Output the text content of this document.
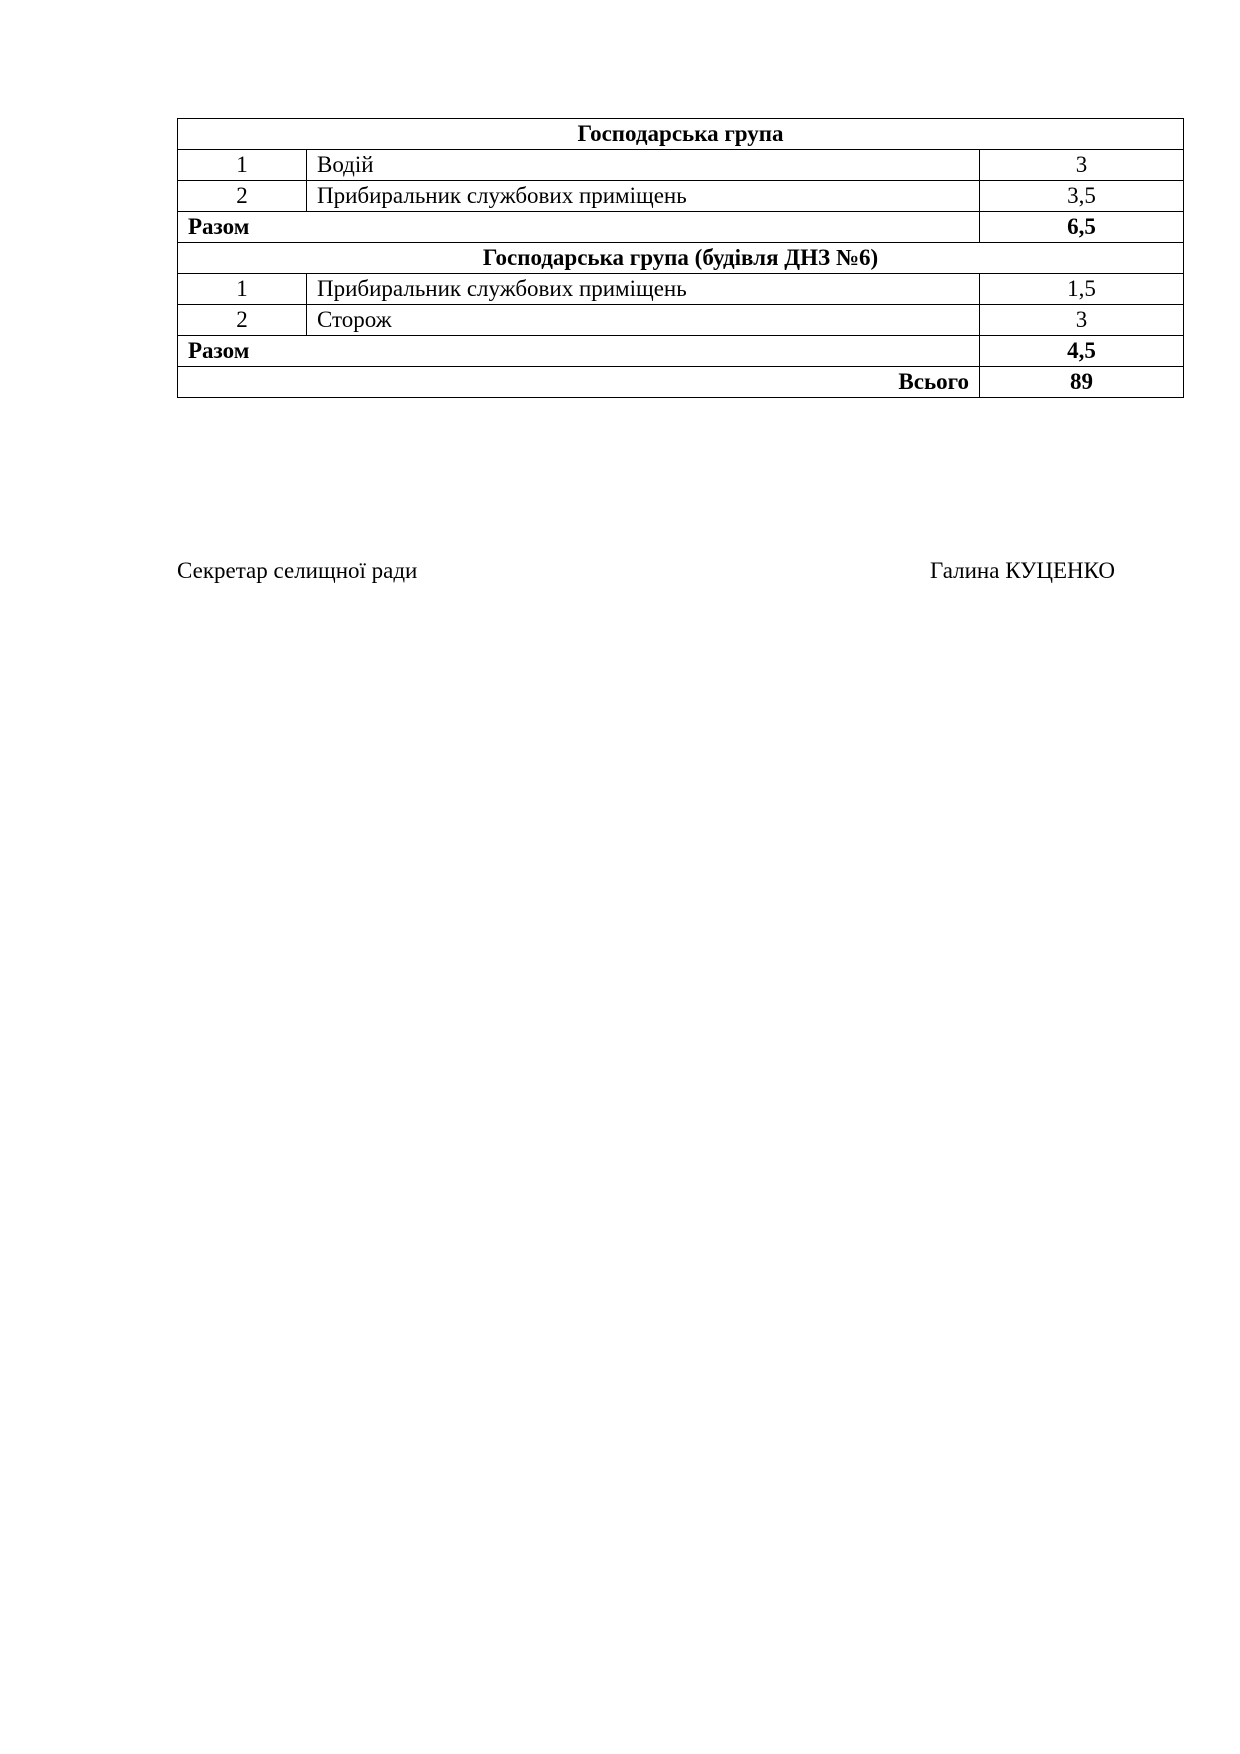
Господарська група		
1	Водій	3
2	Прибиральник службових приміщень	3,5
Разом		6,5
Господарська група (будівля ДНЗ №6)		
1	Прибиральник службових приміщень	1,5
2	Сторож	3
Разом		4,5
Всього		89
Секретар селищної ради	Галина КУЦЕНКО
